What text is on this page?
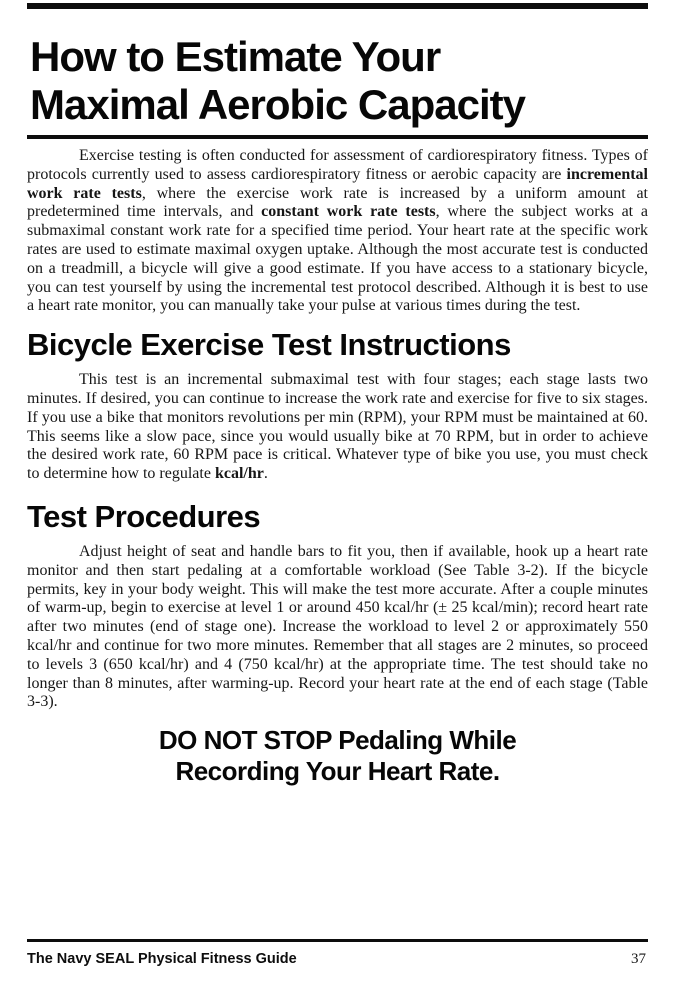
How to Estimate Your
Maximal Aerobic Capacity

Exercise testing is often conducted for assessment of cardiorespiratory fitness. Types of protocols currently used to assess cardiorespiratory fitness or aerobic capacity are incremental work rate tests, where the exercise work rate is increased by a uniform amount at predetermined time intervals, and constant work rate tests, where the subject works at a submaximal constant work rate for a specified time period. Your heart rate at the specific work rates are used to estimate maximal oxygen uptake. Although the most accurate test is conducted on a treadmill, a bicycle will give a good estimate. If you have access to a stationary bicycle, you can test yourself by using the incremental test protocol described. Although it is best to use a heart rate monitor, you can manually take your pulse at various times during the test.

Bicycle Exercise Test Instructions

This test is an incremental submaximal test with four stages; each stage lasts two minutes. If desired, you can continue to increase the work rate and exercise for five to six stages. If you use a bike that monitors revolutions per min (RPM), your RPM must be maintained at 60. This seems like a slow pace, since you would usually bike at 70 RPM, but in order to achieve the desired work rate, 60 RPM pace is critical. Whatever type of bike you use, you must check to determine how to regulate kcal/hr.

Test Procedures

Adjust height of seat and handle bars to fit you, then if available, hook up a heart rate monitor and then start pedaling at a comfortable workload (See Table 3-2). If the bicycle permits, key in your body weight. This will make the test more accurate. After a couple minutes of warm-up, begin to exercise at level 1 or around 450 kcal/hr (± 25 kcal/min); record heart rate after two minutes (end of stage one). Increase the workload to level 2 or approximately 550 kcal/hr and continue for two more minutes. Remember that all stages are 2 minutes, so proceed to levels 3 (650 kcal/hr) and 4 (750 kcal/hr) at the appropriate time. The test should take no longer than 8 minutes, after warming-up. Record your heart rate at the end of each stage (Table 3-3).

DO NOT STOP Pedaling While
Recording Your Heart Rate.
The Navy SEAL Physical Fitness Guide	37
